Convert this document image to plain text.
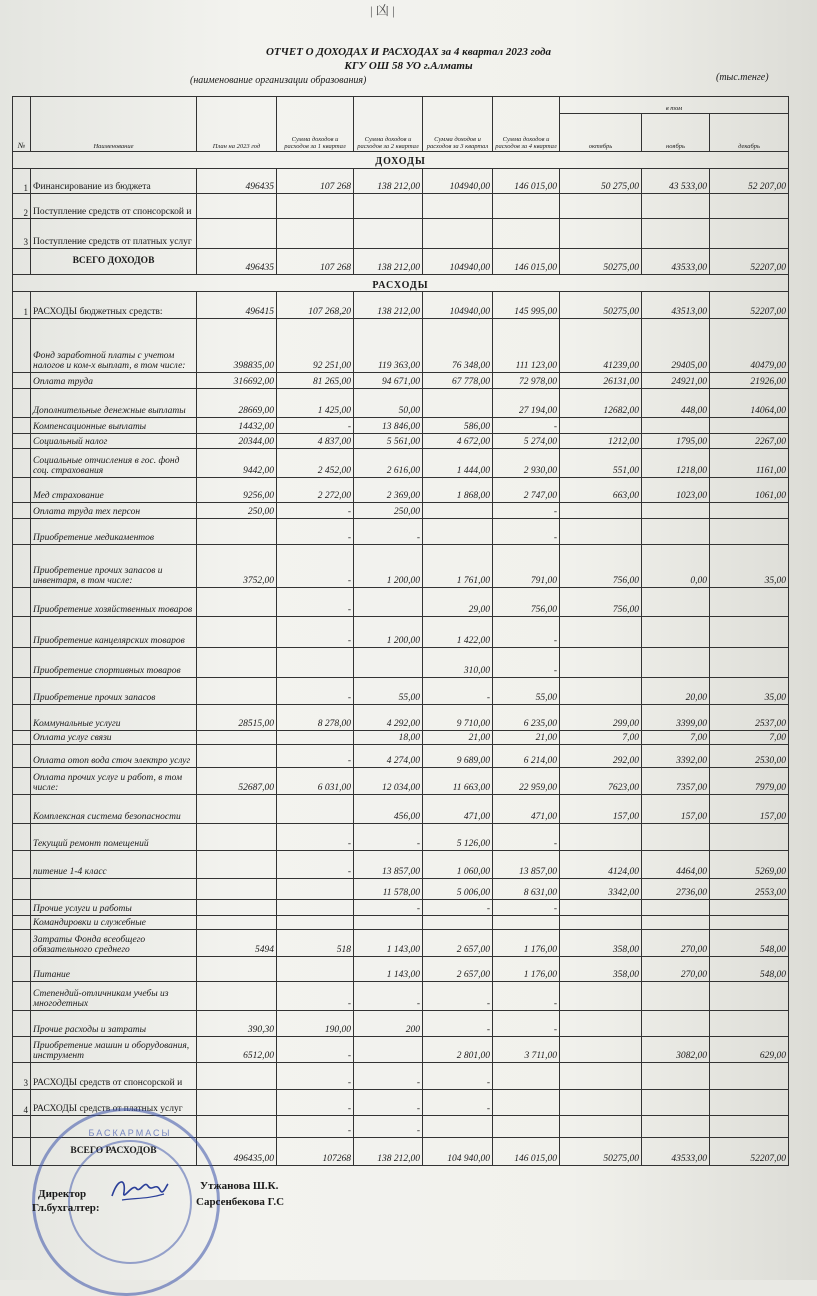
| 凶 |
ОТЧЕТ О ДОХОДАХ И РАСХОДАХ за 4 квартал 2023 года
КГУ ОШ 58 УО г.Алматы
(наименование организации образования)	(тыс.тенге)
№	Наименование	План на 2023 год	Сумма доходов и расходов за 1 квартал	Сумма доходов и расходов за 2 квартал	Сумма доходов и расходов за 3 квартал	Сумма доходов и расходов за 4 квартал	в том		
							октябрь	ноябрь	декабрь
ДОХОДЫ									
1	Финансирование из бюджета	496435	107 268	138 212,00	104940,00	146 015,00	50 275,00	43 533,00	52 207,00
2	Поступление средств от спонсорской и								
3	Поступление средств от платных услуг								
	ВСЕГО ДОХОДОВ	496435	107 268	138 212,00	104940,00	146 015,00	50275,00	43533,00	52207,00
РАСХОДЫ									
1	РАСХОДЫ бюджетных средств:	496415	107 268,20	138 212,00	104940,00	145 995,00	50275,00	43513,00	52207,00
	Фонд заработной платы с учетом налогов и ком-х выплат, в том числе:	398835,00	92 251,00	119 363,00	76 348,00	111 123,00	41239,00	29405,00	40479,00
	Оплата труда	316692,00	81 265,00	94 671,00	67 778,00	72 978,00	26131,00	24921,00	21926,00
	Дополнительные денежные выплаты	28669,00	1 425,00	50,00		27 194,00	12682,00	448,00	14064,00
	Компенсационные выплаты	14432,00	-	13 846,00	586,00	-			
	Социальный налог	20344,00	4 837,00	5 561,00	4 672,00	5 274,00	1212,00	1795,00	2267,00
	Социальные отчисления в гос. фонд соц. страхования	9442,00	2 452,00	2 616,00	1 444,00	2 930,00	551,00	1218,00	1161,00
	Мед страхование	9256,00	2 272,00	2 369,00	1 868,00	2 747,00	663,00	1023,00	1061,00
	Оплата труда тех персон	250,00	-	250,00		-			
	Приобретение медикаментов		-	-		-			
	Приобретение прочих запасов и инвентаря, в том числе:	3752,00	-	1 200,00	1 761,00	791,00	756,00	0,00	35,00
	Приобретение хозяйственных товаров		-		29,00	756,00	756,00		
	Приобретение канцелярских товаров		-	1 200,00	1 422,00	-			
	Приобретение спортивных товаров				310,00	-			
	Приобретение прочих запасов		-	55,00	-	55,00		20,00	35,00
	Коммунальные услуги	28515,00	8 278,00	4 292,00	9 710,00	6 235,00	299,00	3399,00	2537,00
	Оплата услуг связи			18,00	21,00	21,00	7,00	7,00	7,00
	Оплата отоп вода сточ электро услуг		-	4 274,00	9 689,00	6 214,00	292,00	3392,00	2530,00
	Оплата прочих услуг и работ, в том числе:	52687,00	6 031,00	12 034,00	11 663,00	22 959,00	7623,00	7357,00	7979,00
	Комплексная система безопасности			456,00	471,00	471,00	157,00	157,00	157,00
	Текущий ремонт помещений		-	-	5 126,00	-			
	питение 1-4 класс		-	13 857,00	1 060,00	13 857,00	4124,00	4464,00	5269,00
				11 578,00	5 006,00	8 631,00	3342,00	2736,00	2553,00
	Прочие услуги и работы			-	-	-			
	Командировки и служебные								
	Затраты Фонда всеобщего обязательного среднего	5494	518	1 143,00	2 657,00	1 176,00	358,00	270,00	548,00
	Питание			1 143,00	2 657,00	1 176,00	358,00	270,00	548,00
	Степендий-отличникам учебы из многодетных		-	-	-	-			
	Прочие расходы и затраты	390,30	190,00	200	-	-			
	Приобретение машин и оборудования, инструмент	6512,00	-		2 801,00	3 711,00		3082,00	629,00
3	РАСХОДЫ средств от спонсорской и		-	-	-				
4	РАСХОДЫ средств от платных услуг		-	-	-				
			-	-					
	ВСЕГО РАСХОДОВ	496435,00	107268	138 212,00	104 940,00	146 015,00	50275,00	43533,00	52207,00
БАСКАРМАСЫ
Директор
Утжанова Ш.К.
Гл.бухгалтер:	Сарсенбекова Г.С
